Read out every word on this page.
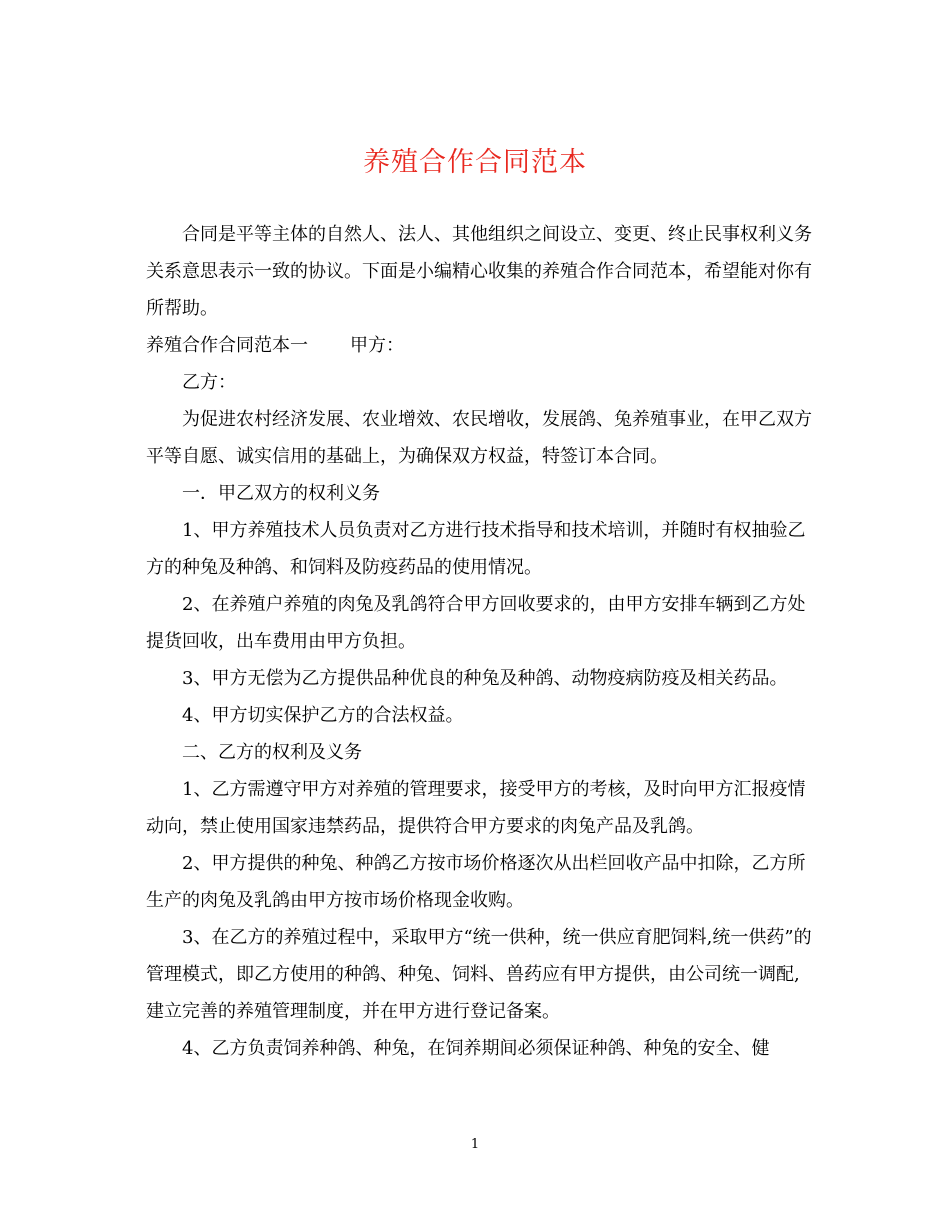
养殖合作合同范本

合同是平等主体的自然人、法人、其他组织之间设立、变更、终止民事权利义务关系意思表示一致的协议。下面是小编精心收集的养殖合作合同范本，希望能对你有所帮助。

养殖合作合同范本一 甲方：

乙方：

为促进农村经济发展、农业增效、农民增收，发展鸽、兔养殖事业，在甲乙双方平等自愿、诚实信用的基础上，为确保双方权益，特签订本合同。

一．甲乙双方的权利义务

1、甲方养殖技术人员负责对乙方进行技术指导和技术培训，并随时有权抽验乙方的种兔及种鸽、和饲料及防疫药品的使用情况。

2、在养殖户养殖的肉兔及乳鸽符合甲方回收要求的，由甲方安排车辆到乙方处提货回收，出车费用由甲方负担。

3、甲方无偿为乙方提供品种优良的种兔及种鸽、动物疫病防疫及相关药品。

4、甲方切实保护乙方的合法权益。

二、乙方的权利及义务

1、乙方需遵守甲方对养殖的管理要求，接受甲方的考核，及时向甲方汇报疫情动向，禁止使用国家违禁药品，提供符合甲方要求的肉兔产品及乳鸽。

2、甲方提供的种兔、种鸽乙方按市场价格逐次从出栏回收产品中扣除，乙方所生产的肉兔及乳鸽由甲方按市场价格现金收购。

3、在乙方的养殖过程中，采取甲方“统一供种，统一供应育肥饲料,统一供药”的管理模式，即乙方使用的种鸽、种兔、饲料、兽药应有甲方提供，由公司统一调配,建立完善的养殖管理制度，并在甲方进行登记备案。

4、乙方负责饲养种鸽、种兔，在饲养期间必须保证种鸽、种兔的安全、健

1
